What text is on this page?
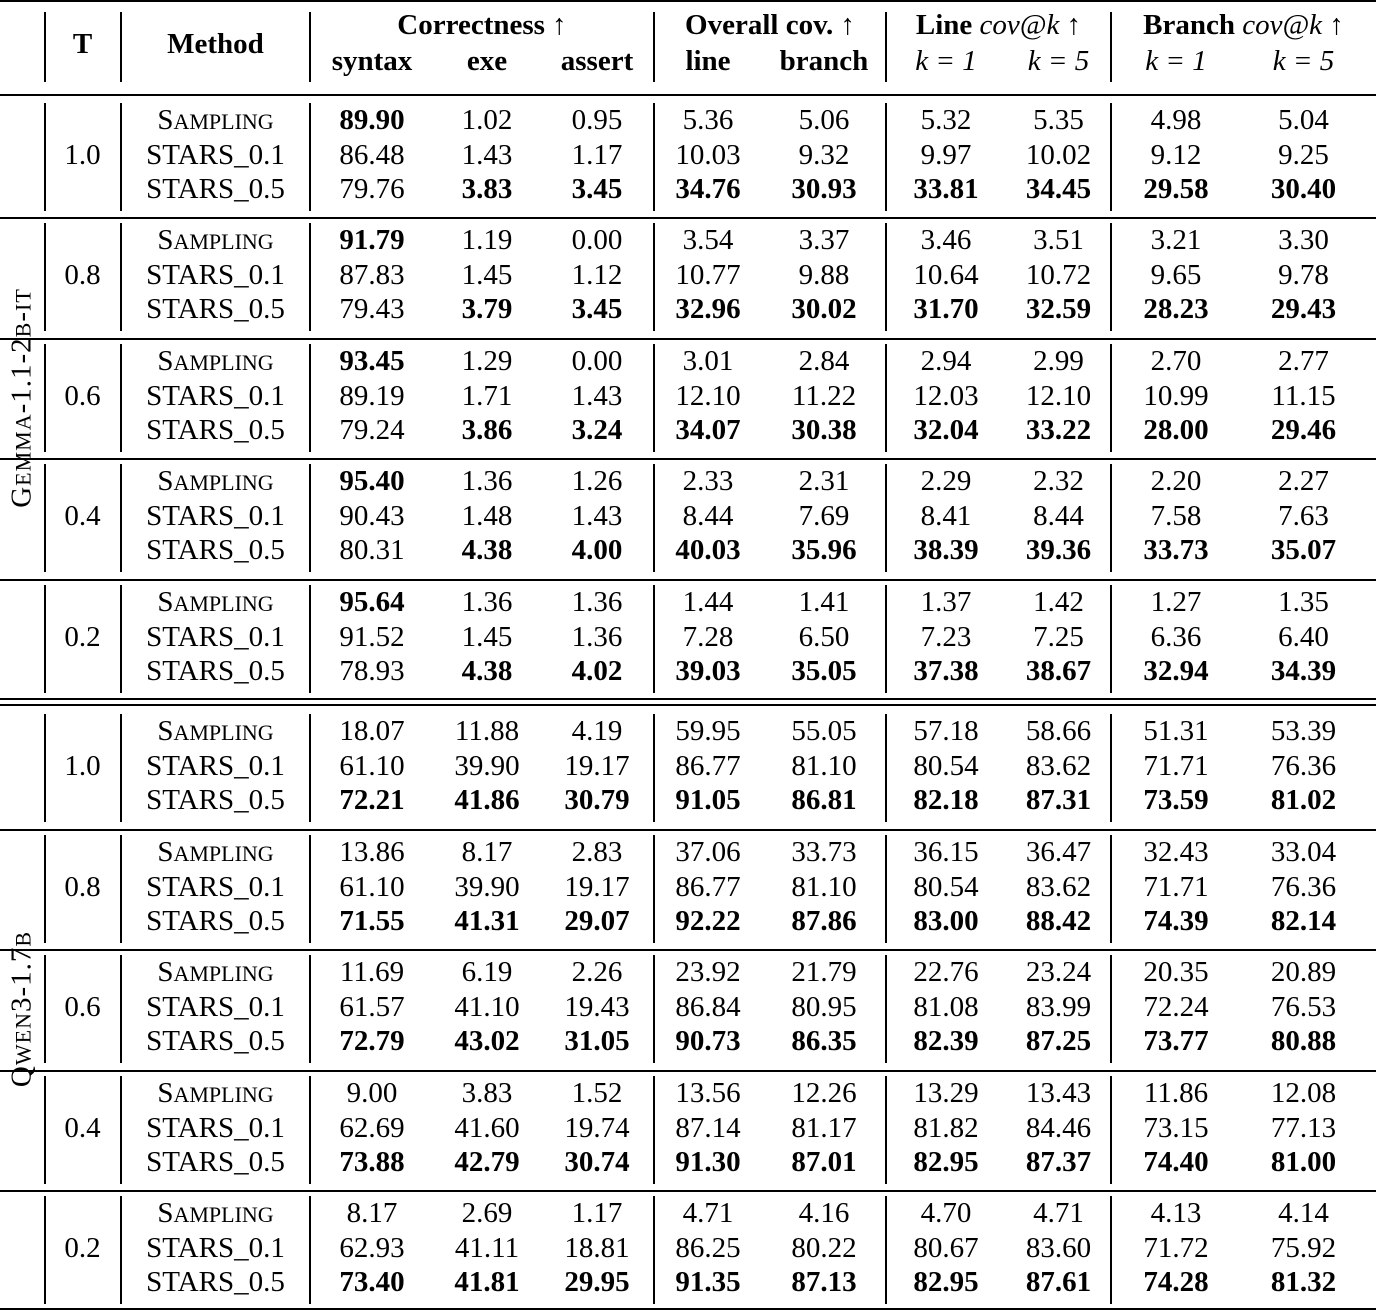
T	Method
Correctness ↑	Overall cov. ↑	Line cov@k ↑	Branch cov@k ↑
syntax	exe	assert	line	branch	k = 1	k = 5	k = 1	k = 5
1.0
SAMPLING	89.90	1.02	0.95	5.36	5.06	5.32	5.35	4.98	5.04
STARS_0.1	86.48	1.43	1.17	10.03	9.32	9.97	10.02	9.12	9.25
STARS_0.5	79.76	3.83	3.45	34.76	30.93	33.81	34.45	29.58	30.40
0.8
SAMPLING	91.79	1.19	0.00	3.54	3.37	3.46	3.51	3.21	3.30
STARS_0.1	87.83	1.45	1.12	10.77	9.88	10.64	10.72	9.65	9.78
STARS_0.5	79.43	3.79	3.45	32.96	30.02	31.70	32.59	28.23	29.43
0.6
SAMPLING	93.45	1.29	0.00	3.01	2.84	2.94	2.99	2.70	2.77
STARS_0.1	89.19	1.71	1.43	12.10	11.22	12.03	12.10	10.99	11.15
STARS_0.5	79.24	3.86	3.24	34.07	30.38	32.04	33.22	28.00	29.46
0.4
SAMPLING	95.40	1.36	1.26	2.33	2.31	2.29	2.32	2.20	2.27
STARS_0.1	90.43	1.48	1.43	8.44	7.69	8.41	8.44	7.58	7.63
STARS_0.5	80.31	4.38	4.00	40.03	35.96	38.39	39.36	33.73	35.07
0.2
SAMPLING	95.64	1.36	1.36	1.44	1.41	1.37	1.42	1.27	1.35
STARS_0.1	91.52	1.45	1.36	7.28	6.50	7.23	7.25	6.36	6.40
STARS_0.5	78.93	4.38	4.02	39.03	35.05	37.38	38.67	32.94	34.39
GEMMA-1.1-2B-IT
1.0
SAMPLING	18.07	11.88	4.19	59.95	55.05	57.18	58.66	51.31	53.39
STARS_0.1	61.10	39.90	19.17	86.77	81.10	80.54	83.62	71.71	76.36
STARS_0.5	72.21	41.86	30.79	91.05	86.81	82.18	87.31	73.59	81.02
0.8
SAMPLING	13.86	8.17	2.83	37.06	33.73	36.15	36.47	32.43	33.04
STARS_0.1	61.10	39.90	19.17	86.77	81.10	80.54	83.62	71.71	76.36
STARS_0.5	71.55	41.31	29.07	92.22	87.86	83.00	88.42	74.39	82.14
0.6
SAMPLING	11.69	6.19	2.26	23.92	21.79	22.76	23.24	20.35	20.89
STARS_0.1	61.57	41.10	19.43	86.84	80.95	81.08	83.99	72.24	76.53
STARS_0.5	72.79	43.02	31.05	90.73	86.35	82.39	87.25	73.77	80.88
0.4
SAMPLING	9.00	3.83	1.52	13.56	12.26	13.29	13.43	11.86	12.08
STARS_0.1	62.69	41.60	19.74	87.14	81.17	81.82	84.46	73.15	77.13
STARS_0.5	73.88	42.79	30.74	91.30	87.01	82.95	87.37	74.40	81.00
0.2
SAMPLING	8.17	2.69	1.17	4.71	4.16	4.70	4.71	4.13	4.14
STARS_0.1	62.93	41.11	18.81	86.25	80.22	80.67	83.60	71.72	75.92
STARS_0.5	73.40	41.81	29.95	91.35	87.13	82.95	87.61	74.28	81.32
QWEN3-1.7B
